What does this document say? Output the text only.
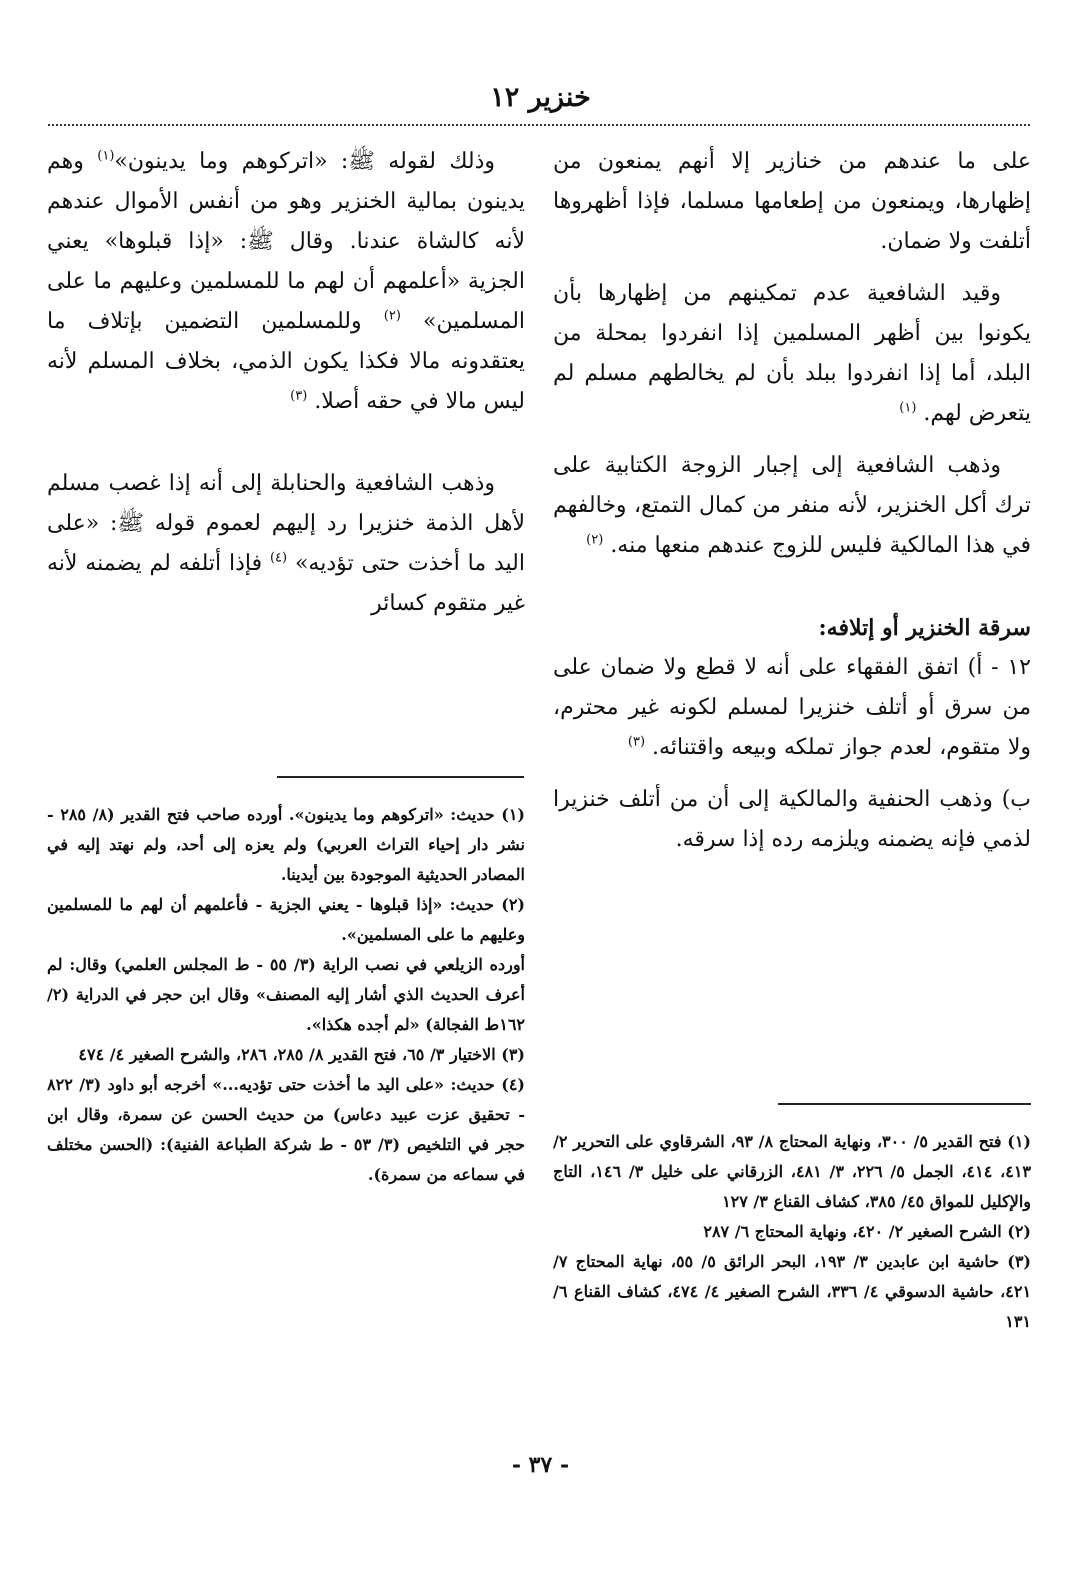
خنزير ١٢

على ما عندهم من خنازير إلا أنهم يمنعون من إظهارها، ويمنعون من إطعامها مسلما، فإذا أظهروها أتلفت ولا ضمان.

وقيد الشافعية عدم تمكينهم من إظهارها بأن يكونوا بين أظهر المسلمين إذا انفردوا بمحلة من البلد، أما إذا انفردوا ببلد بأن لم يخالطهم مسلم لم يتعرض لهم. $^{(١)}$

وذهب الشافعية إلى إجبار الزوجة الكتابية على ترك أكل الخنزير، لأنه منفر من كمال التمتع، وخالفهم في هذا المالكية فليس للزوج عندهم منعها منه. $^{(٢)}$

سرقة الخنزير أو إتلافه:

١٢ - أ) اتفق الفقهاء على أنه لا قطع ولا ضمان على من سرق أو أتلف خنزيرا لمسلم لكونه غير محترم، ولا متقوم، لعدم جواز تملكه وبيعه واقتنائه. $^{(٣)}$

ب) وذهب الحنفية والمالكية إلى أن من أتلف خنزيرا لذمي فإنه يضمنه ويلزمه رده إذا سرقه.

وذلك لقوله ﷺ: «اتركوهم وما يدينون»$^{(١)}$ وهم يدينون بمالية الخنزير وهو من أنفس الأموال عندهم لأنه كالشاة عندنا. وقال ﷺ: «إذا قبلوها» يعني الجزية «أعلمهم أن لهم ما للمسلمين وعليهم ما على المسلمين» $^{(٢)}$ وللمسلمين التضمين بإتلاف ما يعتقدونه مالا فكذا يكون الذمي، بخلاف المسلم لأنه ليس مالا في حقه أصلا. $^{(٣)}$

وذهب الشافعية والحنابلة إلى أنه إذا غصب مسلم لأهل الذمة خنزيرا رد إليهم لعموم قوله ﷺ: «على اليد ما أخذت حتى تؤديه» $^{(٤)}$ فإذا أتلفه لم يضمنه لأنه غير متقوم كسائر

(١) حديث: «اتركوهم وما يدينون». أورده صاحب فتح القدير (٨/ ٢٨٥ - نشر دار إحياء التراث العربي) ولم يعزه إلى أحد، ولم نهتد إليه في المصادر الحديثية الموجودة بين أيدينا.

(٢) حديث: «إذا قبلوها - يعني الجزية - فأعلمهم أن لهم ما للمسلمين وعليهم ما على المسلمين».

أورده الزيلعي في نصب الراية (٣/ ٥٥ - ط المجلس العلمي) وقال: لم أعرف الحديث الذي أشار إليه المصنف» وقال ابن حجر في الدراية (٢/ ١٦٢ط الفجالة) «لم أجده هكذا».

(٣) الاختيار ٣/ ٦٥، فتح القدير ٨/ ٢٨٥، ٢٨٦، والشرح الصغير ٤/ ٤٧٤

(٤) حديث: «على اليد ما أخذت حتى تؤديه...» أخرجه أبو داود (٣/ ٨٢٢ - تحقيق عزت عبيد دعاس) من حديث الحسن عن سمرة، وقال ابن حجر في التلخيص (٣/ ٥٣ - ط شركة الطباعة الفنية): (الحسن مختلف في سماعه من سمرة).

(١) فتح القدير ٥/ ٣٠٠، ونهاية المحتاج ٨/ ٩٣، الشرقاوي على التحرير ٢/ ٤١٣، ٤١٤، الجمل ٥/ ٢٢٦، ٣/ ٤٨١، الزرقاني على خليل ٣/ ١٤٦، التاج والإكليل للمواق ٤٥/ ٣٨٥، كشاف القناع ٣/ ١٢٧

(٢) الشرح الصغير ٢/ ٤٢٠، ونهاية المحتاج ٦/ ٢٨٧

(٣) حاشية ابن عابدين ٣/ ١٩٣، البحر الرائق ٥/ ٥٥، نهاية المحتاج ٧/ ٤٢١، حاشية الدسوقي ٤/ ٣٣٦، الشرح الصغير ٤/ ٤٧٤، كشاف القناع ٦/ ١٣١

- ٣٧ -
